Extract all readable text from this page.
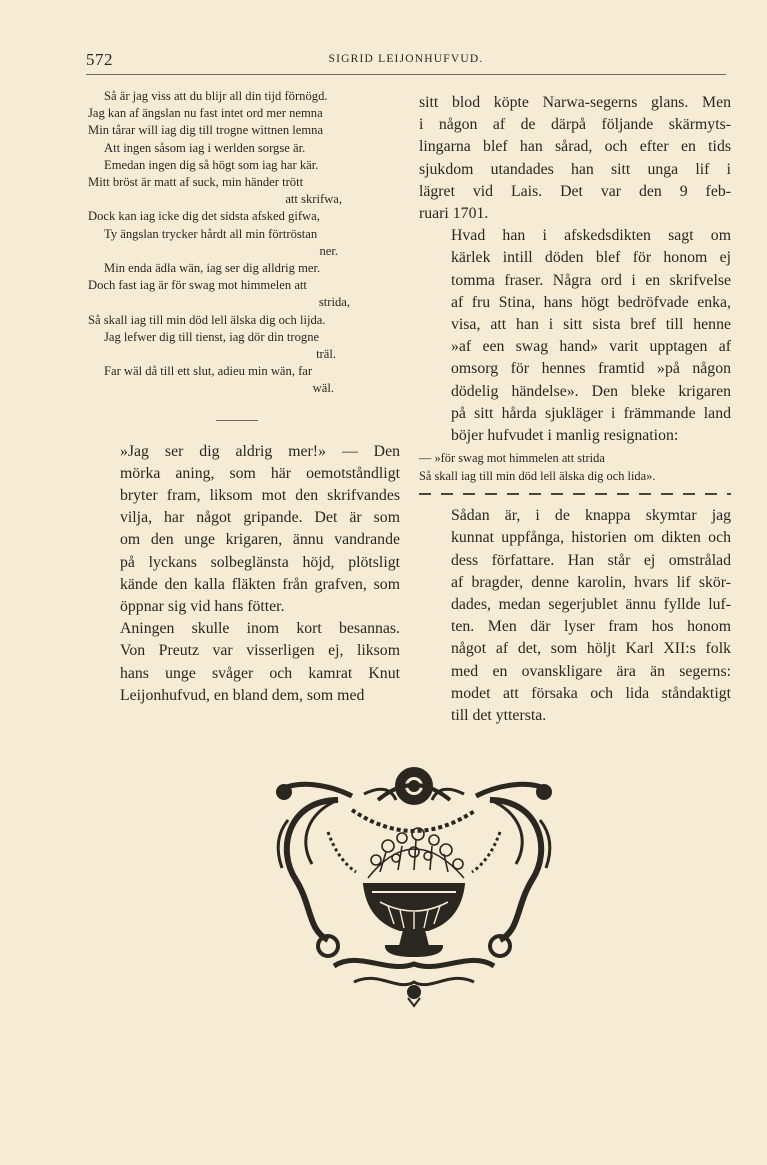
572	SIGRID LEIJONHUFVUD.
Så är jag viss att du blijr all din tijd förnögd.
Jag kan af ängslan nu fast intet ord mer nemna
Min tårar will iag dig till trogne wittnen lemna
Att ingen såsom iag i werlden sorgse är.
Emedan ingen dig så högt som iag har kär.
Mitt bröst är matt af suck, min händer trött
att skrifwa,
Dock kan iag icke dig det sidsta afsked gifwa,
Ty ängslan trycker hårdt all min förtröstan
ner.
Min enda ädla wän, iag ser dig alldrig mer.
Doch fast iag är för swag mot himmelen att
strida,
Så skall iag till min död lell älska dig och lijda.
Jag lefwer dig till tienst, iag dör din trogne
träl.
Far wäl då till ett slut, adieu min wän, far
wäl.

»Jag ser dig aldrig mer!» — Den
mörka aning, som här oemotståndligt
bryter fram, liksom mot den skrifvandes
vilja, har något gripande. Det är som
om den unge krigaren, ännu vandrande
på lyckans solbeglänsta höjd, plötsligt
kände den kalla fläkten från grafven, som
öppnar sig vid hans fötter.

Aningen skulle inom kort besannas.
Von Preutz var visserligen ej, liksom
hans unge svåger och kamrat Knut
Leijonhufvud, en bland dem, som med

sitt blod köpte Narwa-segerns glans. Men
i någon af de därpå följande skärmyts-
lingarna blef han sårad, och efter en tids
sjukdom utandades han sitt unga lif i
lägret vid Lais. Det var den 9 feb-
ruari 1701.

Hvad han i afskedsdikten sagt om
kärlek intill döden blef för honom ej
tomma fraser. Några ord i en skrifvelse
af fru Stina, hans högt bedröfvade enka,
visa, att han i sitt sista bref till henne
»af een swag hand» varit upptagen af
omsorg för hennes framtid »på någon
dödelig händelse». Den bleke krigaren
på sitt hårda sjukläger i främmande land
böjer hufvudet i manlig resignation:

— »för swag mot himmelen att strida
Så skall iag till min död lell älska dig och lida».

Sådan är, i de knappa skymtar jag
kunnat uppfånga, historien om dikten och
dess författare. Han står ej omstrålad
af bragder, denne karolin, hvars lif skör-
dades, medan segerjublet ännu fyllde luf-
ten. Men där lyser fram hos honom
något af det, som höljt Karl XII:s folk
med en ovanskligare ära än segerns:
modet att försaka och lida ståndaktigt
till det yttersta.
